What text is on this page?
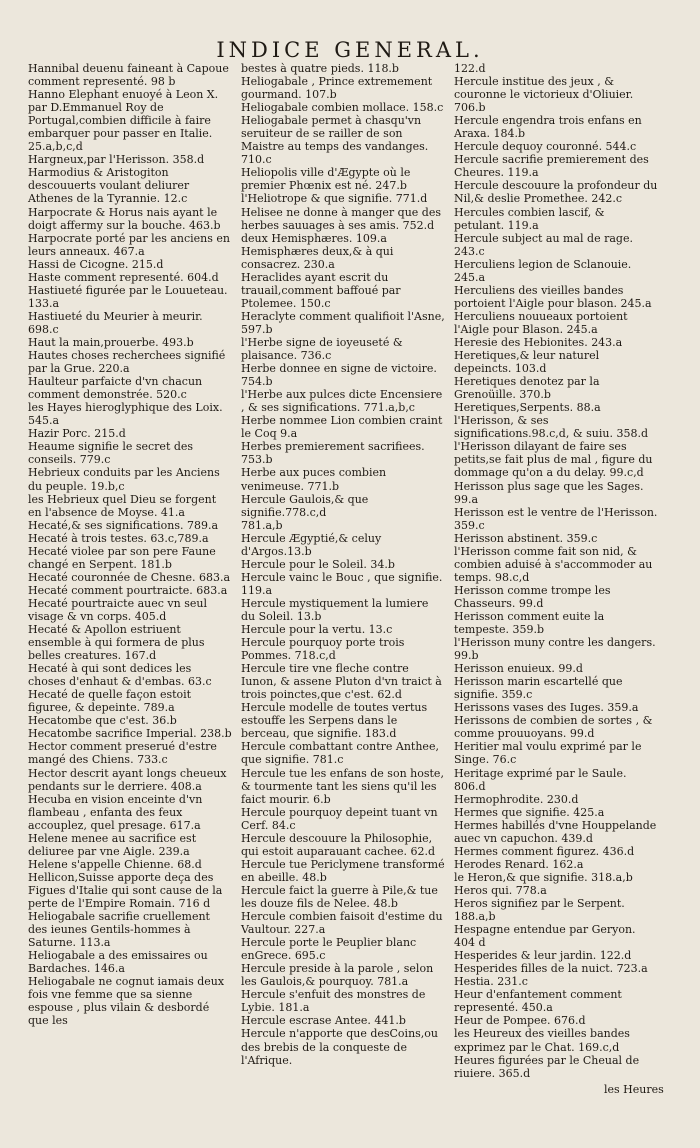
INDICE GENERAL.

Hannibal deuenu faineant à Capoue comment representé. 98 b

Hanno Elephant enuoyé à Leon X. par D.Emmanuel Roy de Portugal,combien difficile à faire embarquer pour passer en Italie. 25.a,b,c,d

Hargneux,par l'Herisson. 358.d

Harmodius & Aristogiton descouuerts voulant deliurer Athenes de la Tyrannie. 12.c

Harpocrate & Horus nais ayant le doigt affermy sur la bouche. 463.b

Harpocrate porté par les anciens en leurs anneaux. 467.a

Hassi de Cicogne. 215.d

Haste comment representé. 604.d

Hastiueté figurée par le Louueteau. 133.a

Hastiueté du Meurier à meurir. 698.c

Haut la main,prouerbe. 493.b

Hautes choses recherchees signifié par la Grue. 220.a

Haulteur parfaicte d'vn chacun comment demonstrée. 520.c

les Hayes hieroglyphique des Loix. 545.a

Hazir Porc. 215.d

Heaume signifie le secret des conseils. 779.c

Hebrieux conduits par les Anciens du peuple. 19.b,c

les Hebrieux quel Dieu se forgent en l'absence de Moyse. 41.a

Hecaté,& ses significations. 789.a

Hecaté à trois testes. 63.c,789.a

Hecaté violee par son pere Faune changé en Serpent. 181.b

Hecaté couronnée de Chesne. 683.a

Hecaté comment pourtraicte. 683.a

Hecaté pourtraicte auec vn seul visage & vn corps. 405.d

Hecaté & Apollon estriuent ensemble à qui formera de plus belles creatures. 167.d

Hecaté à qui sont dedices les choses d'enhaut & d'embas. 63.c

Hecaté de quelle façon estoit figuree, & depeinte. 789.a

Hecatombe que c'est. 36.b

Hecatombe sacrifice Imperial. 238.b

Hector comment preserué d'estre mangé des Chiens. 733.c

Hector descrit ayant longs cheueux pendants sur le derriere. 408.a

Hecuba en vision enceinte d'vn flambeau , enfanta des feux accouplez, quel presage. 617.a

Helene menee au sacrifice est deliuree par vne Aigle. 239.a

Helene s'appelle Chienne. 68.d

Hellicon,Suisse apporte deça des Figues d'Italie qui sont cause de la perte de l'Empire Romain. 716 d

Heliogabale sacrifie cruellement des ieunes Gentils-hommes à Saturne. 113.a

Heliogabale a des emissaires ou Bardaches. 146.a

Heliogabale ne cognut iamais deux fois vne femme que sa sienne espouse , plus vilain & desbordé que les

bestes à quatre pieds. 118.b

Heliogabale , Prince extremement gourmand. 107.b

Heliogabale combien mollace. 158.c

Heliogabale permet à chasqu'vn seruiteur de se railler de son Maistre au temps des vandanges. 710.c

Heliopolis ville d'Ægypte où le premier Phœnix est né. 247.b

l'Heliotrope & que signifie. 771.d

Helisee ne donne à manger que des herbes sauuages à ses amis. 752.d

deux Hemisphæres. 109.a

Hemisphæres deux,& à qui consacrez. 230.a

Heraclides ayant escrit du trauail,comment baffoué par Ptolemee. 150.c

Heraclyte comment qualifioit l'Asne, 597.b

l'Herbe signe de ioyeuseté & plaisance. 736.c

Herbe donnee en signe de victoire. 754.b

l'Herbe aux pulces dicte Encensiere , & ses significations. 771.a,b,c

Herbe nommee Lion combien craint le Coq 9.a

Herbes premierement sacrifiees. 753.b

Herbe aux puces combien venimeuse. 771.b

Hercule Gaulois,& que signifie.778.c,d

781.a,b

Hercule Ægyptié,& celuy d'Argos.13.b

Hercule pour le Soleil. 34.b

Hercule vainc le Bouc , que signifie. 119.a

Hercule mystiquement la lumiere du Soleil. 13.b

Hercule pour la vertu. 13.c

Hercule pourquoy porte trois Pommes. 718.c,d

Hercule tire vne fleche contre Iunon, & assene Pluton d'vn traict à trois poinctes,que c'est. 62.d

Hercule modelle de toutes vertus estouffe les Serpens dans le berceau, que signifie. 183.d

Hercule combattant contre Anthee, que signifie. 781.c

Hercule tue les enfans de son hoste, & tourmente tant les siens qu'il les faict mourir. 6.b

Hercule pourquoy depeint tuant vn Cerf. 84.c

Hercule descouure la Philosophie, qui estoit auparauant cachee. 62.d

Hercule tue Periclymene transformé en abeille. 48.b

Hercule faict la guerre à Pile,& tue les douze fils de Nelee. 48.b

Hercule combien faisoit d'estime du Vaultour. 227.a

Hercule porte le Peuplier blanc enGrece. 695.c

Hercule preside à la parole , selon les Gaulois,& pourquoy. 781.a

Hercule s'enfuit des monstres de Lybie. 181.a

Hercule escrase Antee. 441.b

Hercule n'apporte que desCoins,ou des brebis de la conqueste de l'Afrique.

122.d

Hercule institue des jeux , & couronne le victorieux d'Oliuier. 706.b

Hercule engendra trois enfans en Araxa. 184.b

Hercule dequoy couronné. 544.c

Hercule sacrifie premierement des Cheures. 119.a

Hercule descouure la profondeur du Nil,& deslie Promethee. 242.c

Hercules combien lascif, & petulant. 119.a

Hercule subject au mal de rage. 243.c

Herculiens legion de Sclanouie. 245.a

Herculiens des vieilles bandes portoient l'Aigle pour blason. 245.a

Herculiens nouueaux portoient l'Aigle pour Blason. 245.a

Heresie des Hebionites. 243.a

Heretiques,& leur naturel depeincts. 103.d

Heretiques denotez par la Grenoüille. 370.b

Heretiques,Serpents. 88.a

l'Herisson, & ses significations.98.c,d, & suiu. 358.d

l'Herisson dilayant de faire ses petits,se fait plus de mal , figure du dommage qu'on a du delay. 99.c,d

Herisson plus sage que les Sages. 99.a

Herisson est le ventre de l'Herisson. 359.c

Herisson abstinent. 359.c

l'Herisson comme fait son nid, & combien aduisé à s'accommoder au temps. 98.c,d

Herisson comme trompe les Chasseurs. 99.d

Herisson comment euite la tempeste. 359.b

l'Herisson muny contre les dangers. 99.b

Herisson enuieux. 99.d

Herisson marin escartellé que signifie. 359.c

Herissons vases des Iuges. 359.a

Herissons de combien de sortes , & comme prouuoyans. 99.d

Heritier mal voulu exprimé par le Singe. 76.c

Heritage exprimé par le Saule. 806.d

Hermophrodite. 230.d

Hermes que signifie. 425.a

Hermes habillés d'vne Houppelande auec vn capuchon. 439.d

Hermes comment figurez. 436.d

Herodes Renard. 162.a

le Heron,& que signifie. 318.a,b

Heros qui. 778.a

Heros signifiez par le Serpent. 188.a,b

Hespagne entendue par Geryon. 404 d

Hesperides & leur jardin. 122.d

Hesperides filles de la nuict. 723.a

Hestia. 231.c

Heur d'enfantement comment representé. 450.a

Heur de Pompee. 676.d

les Heureux des vieilles bandes exprimez par le Chat. 169.c,d

Heures figurées par le Cheual de riuiere. 365.d

les Heures
